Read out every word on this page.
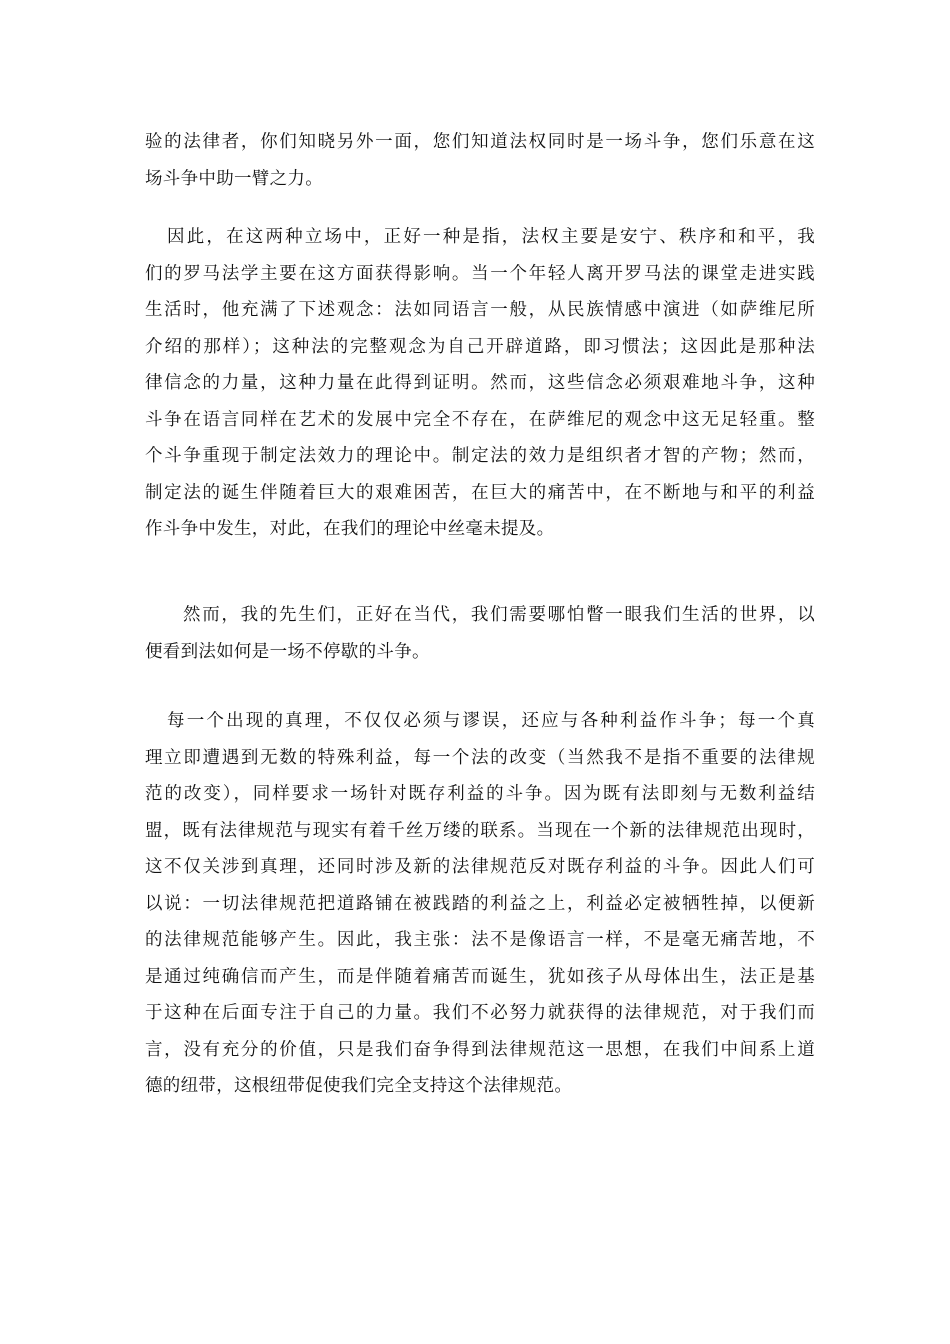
验的法律者，你们知晓另外一面，您们知道法权同时是一场斗争，您们乐意在这
场斗争中助一臂之力。
因此，在这两种立场中，正好一种是指，法权主要是安宁、秩序和和平，我
们的罗马法学主要在这方面获得影响。当一个年轻人离开罗马法的课堂走进实践
生活时，他充满了下述观念：法如同语言一般，从民族情感中演进（如萨维尼所
介绍的那样）；这种法的完整观念为自己开辟道路，即习惯法；这因此是那种法
律信念的力量，这种力量在此得到证明。然而，这些信念必须艰难地斗争，这种
斗争在语言同样在艺术的发展中完全不存在，在萨维尼的观念中这无足轻重。整
个斗争重现于制定法效力的理论中。制定法的效力是组织者才智的产物；然而，
制定法的诞生伴随着巨大的艰难困苦，在巨大的痛苦中，在不断地与和平的利益
作斗争中发生，对此，在我们的理论中丝毫未提及。
然而，我的先生们，正好在当代，我们需要哪怕瞥一眼我们生活的世界，以
便看到法如何是一场不停歇的斗争。
每一个出现的真理，不仅仅必须与谬误，还应与各种利益作斗争；每一个真
理立即遭遇到无数的特殊利益，每一个法的改变（当然我不是指不重要的法律规
范的改变），同样要求一场针对既存利益的斗争。因为既有法即刻与无数利益结
盟，既有法律规范与现实有着千丝万缕的联系。当现在一个新的法律规范出现时，
这不仅关涉到真理，还同时涉及新的法律规范反对既存利益的斗争。因此人们可
以说：一切法律规范把道路铺在被践踏的利益之上，利益必定被牺牲掉，以便新
的法律规范能够产生。因此，我主张：法不是像语言一样，不是毫无痛苦地，不
是通过纯确信而产生，而是伴随着痛苦而诞生，犹如孩子从母体出生，法正是基
于这种在后面专注于自己的力量。我们不必努力就获得的法律规范，对于我们而
言，没有充分的价值，只是我们奋争得到法律规范这一思想，在我们中间系上道
德的纽带，这根纽带促使我们完全支持这个法律规范。
